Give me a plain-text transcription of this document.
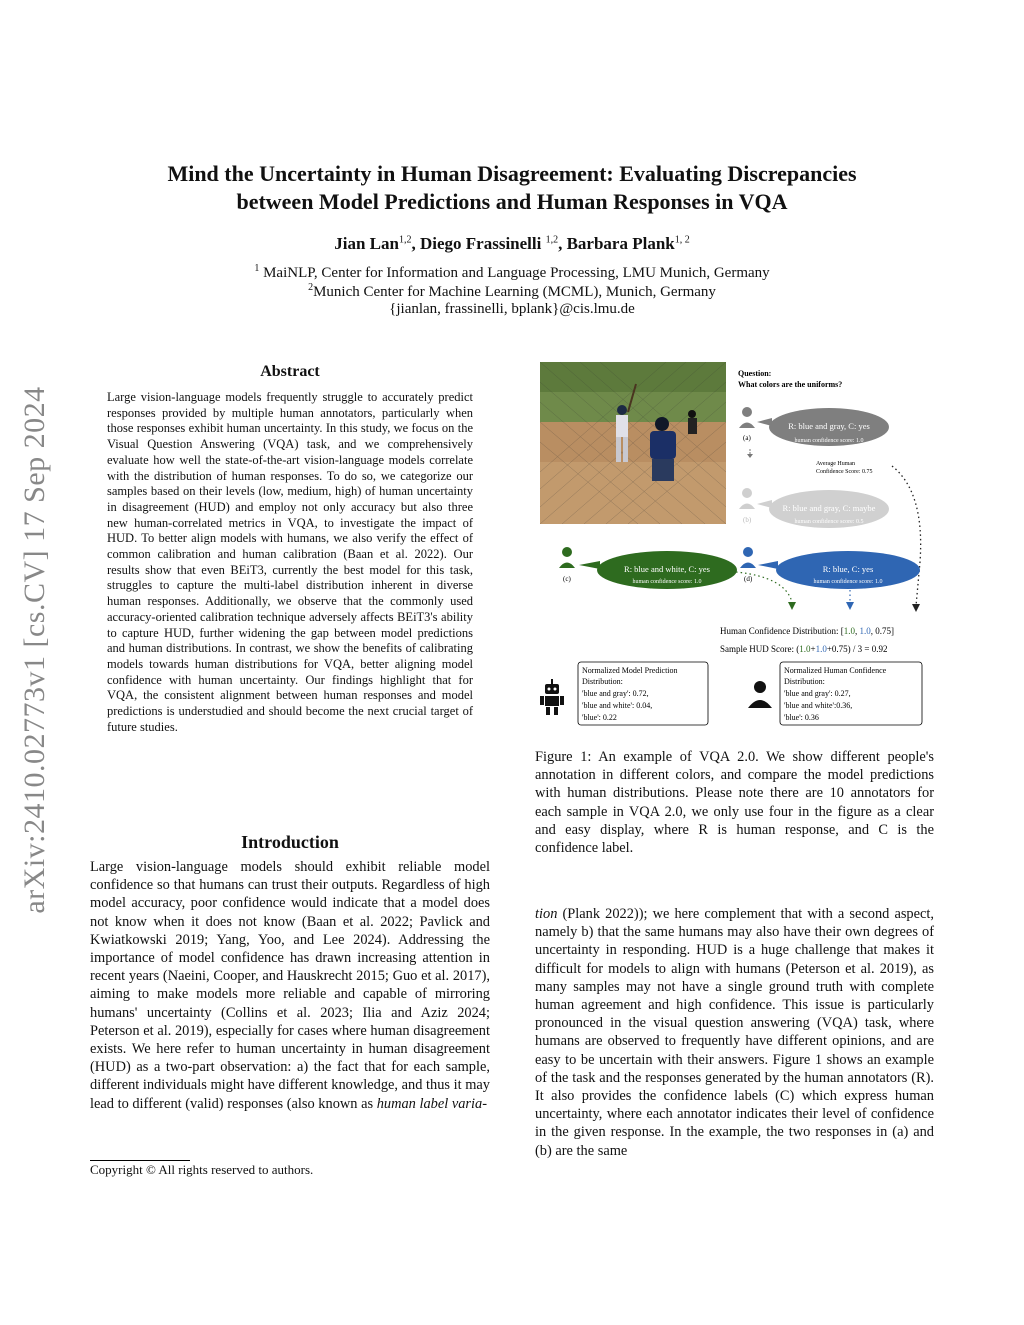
arXiv:2410.02773v1 [cs.CV] 17 Sep 2024
Mind the Uncertainty in Human Disagreement: Evaluating Discrepancies
between Model Predictions and Human Responses in VQA
Jian Lan$^{1,2}$, Diego Frassinelli $^{1,2}$, Barbara Plank$^{1, 2}$
$^1$ MaiNLP, Center for Information and Language Processing, LMU Munich, Germany
$^2$Munich Center for Machine Learning (MCML), Munich, Germany
{jianlan, frassinelli, bplank}@cis.lmu.de
Abstract
Large vision-language models frequently struggle to accurately predict responses provided by multiple human annotators, particularly when those responses exhibit human uncertainty. In this study, we focus on the Visual Question Answering (VQA) task, and we comprehensively evaluate how well the state-of-the-art vision-language models correlate with the distribution of human responses. To do so, we categorize our samples based on their levels (low, medium, high) of human uncertainty in disagreement (HUD) and employ not only accuracy but also three new human-correlated metrics in VQA, to investigate the impact of HUD. To better align models with humans, we also verify the effect of common calibration and human calibration (Baan et al. 2022). Our results show that even BEiT3, currently the best model for this task, struggles to capture the multi-label distribution inherent in diverse human responses. Additionally, we observe that the commonly used accuracy-oriented calibration technique adversely affects BEiT3's ability to capture HUD, further widening the gap between model predictions and human distributions. In contrast, we show the benefits of calibrating models towards human distributions for VQA, better aligning model confidence with human uncertainty. Our findings highlight that for VQA, the consistent alignment between human responses and model predictions is understudied and should become the next crucial target of future studies.
Introduction
Large vision-language models should exhibit reliable model confidence so that humans can trust their outputs. Regardless of high model accuracy, poor confidence would indicate that a model does not know when it does not know (Baan et al. 2022; Pavlick and Kwiatkowski 2019; Yang, Yoo, and Lee 2024). Addressing the importance of model confidence has drawn increasing attention in recent years (Naeini, Cooper, and Hauskrecht 2015; Guo et al. 2017), aiming to make models more reliable and capable of mirroring humans' uncertainty (Collins et al. 2023; Ilia and Aziz 2024; Peterson et al. 2019), especially for cases where human disagreement exists. We here refer to human uncertainty in human disagreement (HUD) as a two-part observation: a) the fact that for each sample, different individuals might have different knowledge, and thus it may lead to different (valid) responses (also known as human label varia-
Copyright © All rights reserved to authors.
Question:
What colors are the uniforms?
(a)
R: blue and gray, C: yes
human confidence score: 1.0
Average Human
Confidence Score: 0.75
(b)
R: blue and gray, C: maybe
human confidence score: 0.5
(c)
R: blue and white, C: yes
human confidence score: 1.0	(d)
R: blue, C: yes
human confidence score: 1.0
Human Confidence Distribution: [1.0, 1.0, 0.75]
Sample HUD Score: (1.0+1.0+0.75) / 3 = 0.92
Normalized Model Prediction
Distribution:
'blue and gray': 0.72,
'blue and white': 0.04,
'blue': 0.22
Normalized Human Confidence
Distribution:
'blue and gray': 0.27,
'blue and white':0.36,
'blue': 0.36
Figure 1: An example of VQA 2.0. We show different people's annotation in different colors, and compare the model predictions with human distributions. Please note there are 10 annotators for each sample in VQA 2.0, we only use four in the figure as a clear and easy display, where R is human response, and C is the confidence label.
tion (Plank 2022)); we here complement that with a second aspect, namely b) that the same humans may also have their own degrees of uncertainty in responding. HUD is a huge challenge that makes it difficult for models to align with humans (Peterson et al. 2019), as many samples may not have a single ground truth with complete human agreement and high confidence. This issue is particularly pronounced in the visual question answering (VQA) task, where humans are observed to frequently have different opinions, and are easy to be uncertain with their answers. Figure 1 shows an example of the task and the responses generated by the human annotators (R). It also provides the confidence labels (C) which express human uncertainty, where each annotator indicates their level of confidence in the given response. In the example, the two responses in (a) and (b) are the same
